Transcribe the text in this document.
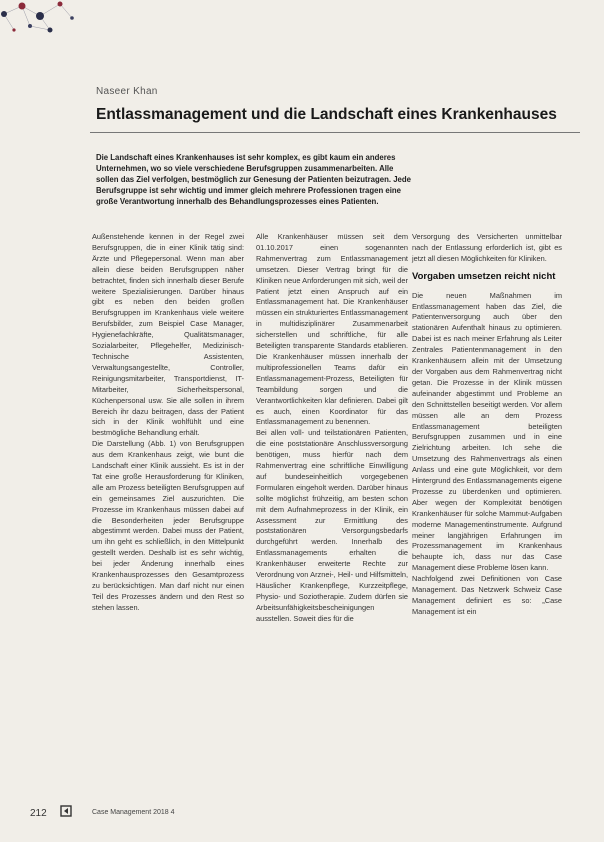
Naseer Khan
Entlassmanagement und die Landschaft eines Krankenhauses
Die Landschaft eines Krankenhauses ist sehr komplex, es gibt kaum ein anderes Unternehmen, wo so viele verschiedene Berufsgruppen zusammenarbeiten. Alle sollen das Ziel verfolgen, bestmöglich zur Genesung der Patienten beizutragen. Jede Berufsgruppe ist sehr wichtig und immer gleich mehrere Professionen tragen eine große Verantwortung innerhalb des Behandlungsprozesses eines Patienten.

Außenstehende kennen in der Regel zwei Berufsgruppen, die in einer Klinik tätig sind: Ärzte und Pflegepersonal. Wenn man aber allein diese beiden Berufsgruppen näher betrachtet, finden sich innerhalb dieser Berufe weitere Spezialisierungen. Darüber hinaus gibt es neben den beiden großen Berufsgruppen im Krankenhaus viele weitere Berufsbilder, zum Beispiel Case Manager, Hygienefachkräfte, Qualitätsmanager, Sozialarbeiter, Pflegehelfer, Medizinisch-Technische Assistenten, Verwaltungsangestellte, Controller, Reinigungsmitarbeiter, Transportdienst, IT-Mitarbeiter, Sicherheitspersonal, Küchenpersonal usw. Sie alle sollen in ihrem Bereich ihr dazu beitragen, dass der Patient sich in der Klinik wohlfühlt und eine bestmögliche Behandlung erhält.

Die Darstellung (Abb. 1) von Berufsgruppen aus dem Krankenhaus zeigt, wie bunt die Landschaft einer Klinik aussieht. Es ist in der Tat eine große Herausforderung für Kliniken, alle am Prozess beteiligten Berufsgruppen auf ein gemeinsames Ziel auszurichten. Die Prozesse im Krankenhaus müssen dabei auf die Besonderheiten jeder Berufsgruppe abgestimmt werden. Dabei muss der Patient, um ihn geht es schließlich, in den Mittelpunkt gestellt werden. Deshalb ist es sehr wichtig, bei jeder Änderung innerhalb eines Krankenhausprozesses den Gesamtprozess zu berücksichtigen. Man darf nicht nur einen Teil des Prozesses ändern und den Rest so stehen lassen.

Alle Krankenhäuser müssen seit dem 01.10.2017 einen sogenannten Rahmenvertrag zum Entlassmanagement umsetzen. Dieser Vertrag bringt für die Kliniken neue Anforderungen mit sich, weil der Patient jetzt einen Anspruch auf ein Entlassmanagement hat. Die Krankenhäuser müssen ein strukturiertes Entlassmanagement in multidisziplinärer Zusammenarbeit sicherstellen und schriftliche, für alle Beteiligten transparente Standards etablieren. Die Krankenhäuser müssen innerhalb der multiprofessionellen Teams dafür ein Entlassmanagement-Prozess, Beteiligten für Teambildung sorgen und die Verantwortlichkeiten klar definieren. Dabei gilt es auch, einen Koordinator für das Entlassmanagement zu benennen.

Bei allen voll- und teilstationären Patienten, die eine poststationäre Anschlussversorgung benötigen, muss hierfür nach dem Rahmenvertrag eine schriftliche Einwilligung auf bundeseinheitlich vorgegebenen Formularen eingeholt werden. Darüber hinaus sollte möglichst frühzeitig, am besten schon mit dem Aufnahmeprozess in der Klinik, ein Assessment zur Ermittlung des poststationären Versorgungsbedarfs durchgeführt werden. Innerhalb des Entlassmanagements erhalten die Krankenhäuser erweiterte Rechte zur Verordnung von Arznei-, Heil- und Hilfsmitteln, Häuslicher Krankenpflege, Kurzzeitpflege, Physio- und Soziotherapie. Zudem dürfen sie Arbeitsunfähigkeitsbescheinigungen ausstellen. Soweit dies für die

Versorgung des Versicherten unmittelbar nach der Entlassung erforderlich ist, gibt es jetzt all diesen Möglichkeiten für Kliniken.

Vorgaben umsetzen reicht nicht

Die neuen Maßnahmen im Entlassmanagement haben das Ziel, die Patientenversorgung auch über den stationären Aufenthalt hinaus zu optimieren. Dabei ist es nach meiner Erfahrung als Leiter Zentrales Patientenmanagement in den Krankenhäusern allein mit der Umsetzung der Vorgaben aus dem Rahmenvertrag nicht getan. Die Prozesse in der Klinik müssen aufeinander abgestimmt und Probleme an den Schnittstellen beseitigt werden. Vor allem müssen alle an dem Prozess Entlassmanagement beteiligten Berufsgruppen zusammen und in eine Zielrichtung arbeiten. Ich sehe die Umsetzung des Rahmenvertrags als einen Anlass und eine gute Möglichkeit, vor dem Hintergrund des Entlassmanagements eigene Prozesse zu überdenken und optimieren. Aber wegen der Komplexität benötigen Krankenhäuser für solche Mammut-Aufgaben moderne Managementinstrumente. Aufgrund meiner langjährigen Erfahrungen im Prozessmanagement im Krankenhaus behaupte ich, dass nur das Case Management diese Probleme lösen kann.

Nachfolgend zwei Definitionen von Case Management. Das Netzwerk Schweiz Case Management definiert es so: „Case Management ist ein

212	Case Management 2018 4
